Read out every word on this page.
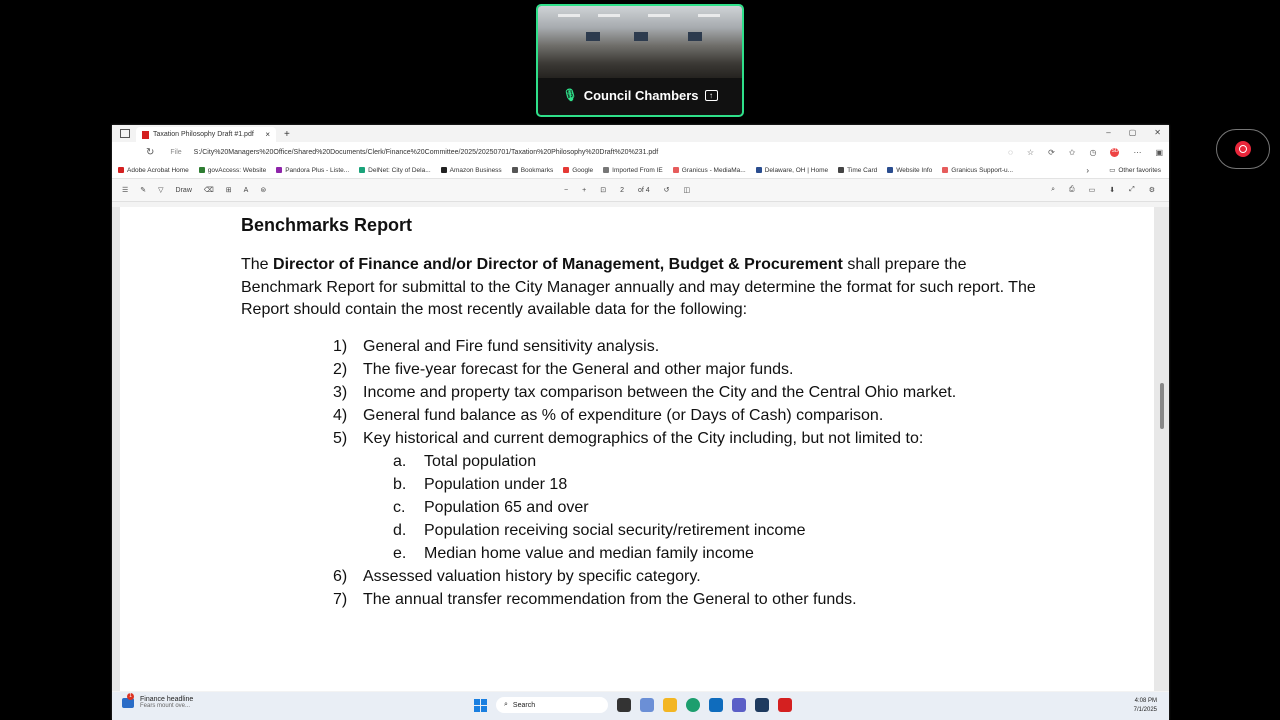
🎙 Council Chambers	↑
Taxation Philosophy Draft #1.pdf × +	– ▢ ✕
↻ File S:/City%20Managers%20Office/Shared%20Documents/Clerk/Finance%20Committee/2025/20250701/Taxation%20Philosophy%20Draft%20%231.pdf	◌ ☆ ⟳ ✩ ◷	SD ⋯ ▣
Adobe Acrobat Home	govAccess: Website	Pandora Plus - Liste...	DelNet: City of Dela...	Amazon Business	Bookmarks	Google	Imported From IE	Granicus - MediaMa...	Delaware, OH | Home	Time Card	Website Info	Granicus Support-u...	›	▭ Other favorites
☰ ✎ ▽ Draw ⌫ ⊞ A ⊜	− + ⊡ 2 of 4 ↺ ◫	⌕ ⎙ ▭ ⬇ ⤢ ⚙
Benchmarks Report

The Director of Finance and/or Director of Management, Budget & Procurement shall prepare the Benchmark Report for submittal to the City Manager annually and may determine the format for such report. The Report should contain the most recently available data for the following:

1) General and Fire fund sensitivity analysis.
2) The five-year forecast for the General and other major funds.
3) Income and property tax comparison between the City and the Central Ohio market.
4) General fund balance as % of expenditure (or Days of Cash) comparison.
5) Key historical and current demographics of the City including, but not limited to:
a. Total population
b. Population under 18
c. Population 65 and over
d. Population receiving social security/retirement income
e. Median home value and median family income
6) Assessed valuation history by specific category.
7) The annual transfer recommendation from the General to other funds.
1
Finance headline
Fears mount ove...	⌕ Search
4:08 PM
7/1/2025
